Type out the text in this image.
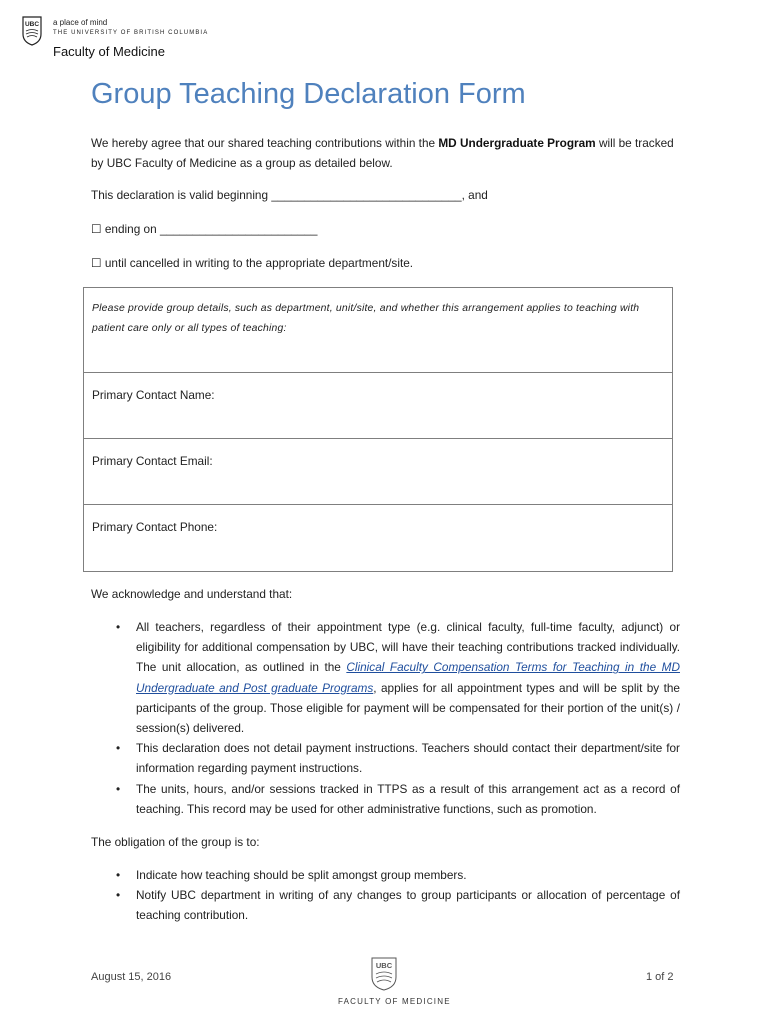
UBC a place of mind
THE UNIVERSITY OF BRITISH COLUMBIA
Faculty of Medicine
Group Teaching Declaration Form
We hereby agree that our shared teaching contributions within the MD Undergraduate Program will be tracked by UBC Faculty of Medicine as a group as detailed below.
This declaration is valid beginning _____________________________, and
☐ ending on ________________________
☐ until cancelled in writing to the appropriate department/site.
Please provide group details, such as department, unit/site, and whether this arrangement applies to teaching with patient care only or all types of teaching:
Primary Contact Name:
Primary Contact Email:
Primary Contact Phone:
We acknowledge and understand that:
• All teachers, regardless of their appointment type (e.g. clinical faculty, full-time faculty, adjunct) or eligibility for additional compensation by UBC, will have their teaching contributions tracked individually. The unit allocation, as outlined in the Clinical Faculty Compensation Terms for Teaching in the MD Undergraduate and Post graduate Programs, applies for all appointment types and will be split by the participants of the group. Those eligible for payment will be compensated for their portion of the unit(s) / session(s) delivered.
• This declaration does not detail payment instructions. Teachers should contact their department/site for information regarding payment instructions.
• The units, hours, and/or sessions tracked in TTPS as a result of this arrangement act as a record of teaching. This record may be used for other administrative functions, such as promotion.
The obligation of the group is to:
• Indicate how teaching should be split amongst group members.
• Notify UBC department in writing of any changes to group participants or allocation of percentage of teaching contribution.
August 15, 2016
UBC
FACULTY OF MEDICINE
1 of 2
